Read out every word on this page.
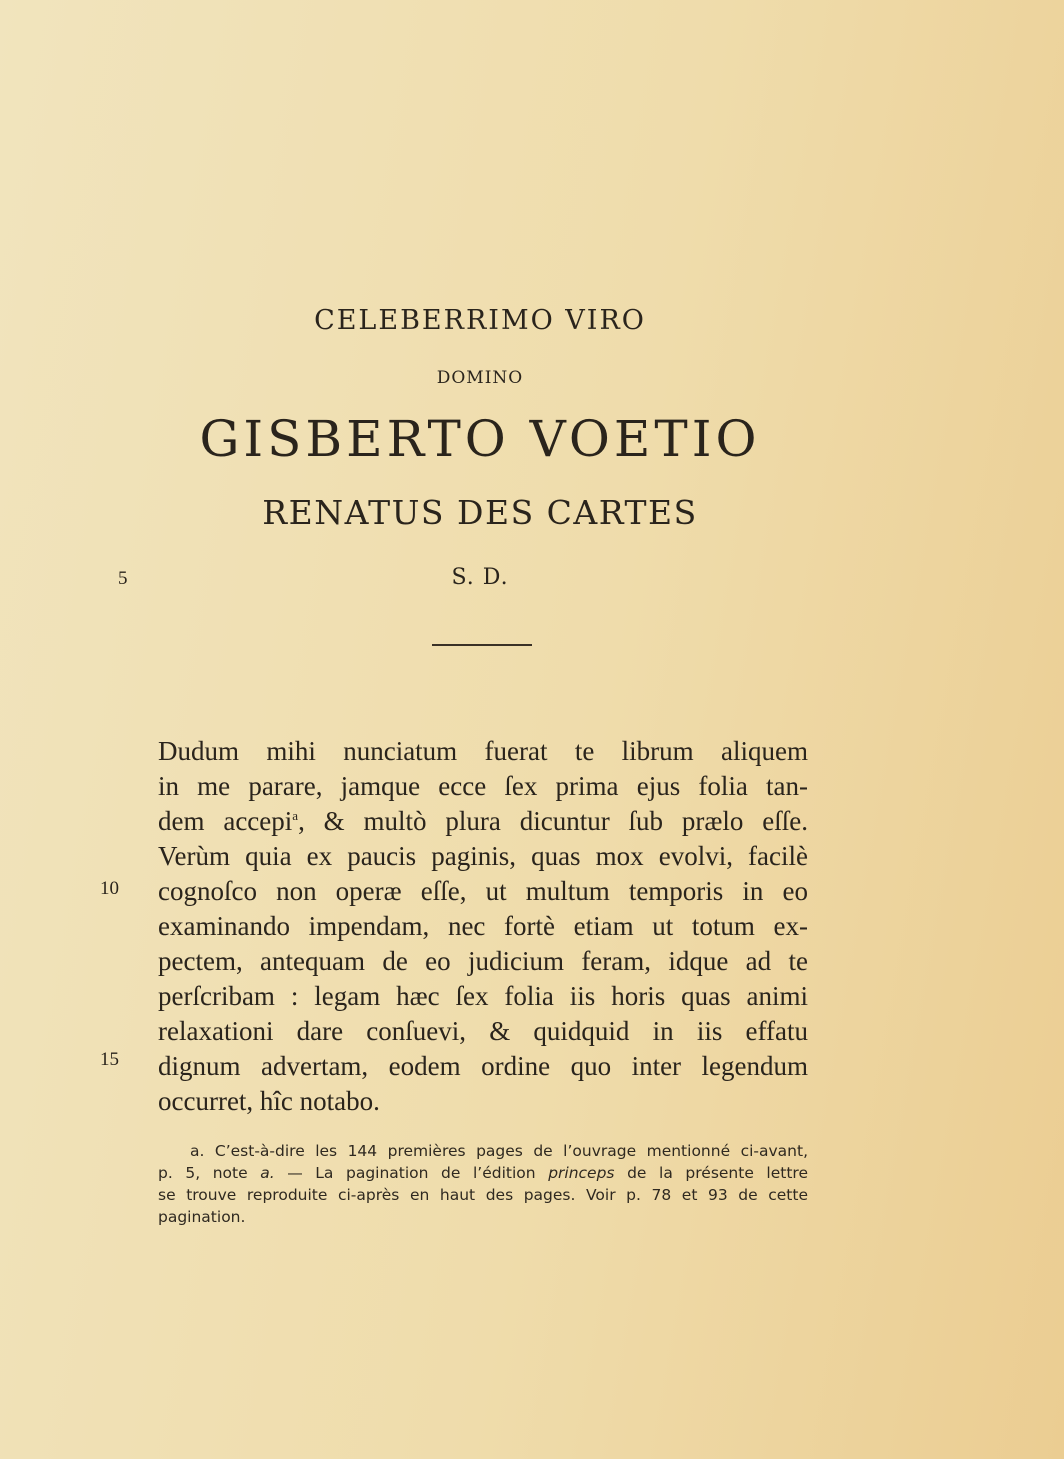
CELEBERRIMO VIRO
DOMINO
GISBERTO VOETIO
RENATUS DES CARTES
S. D.
5
10
15
Dudum mihi nunciatum fuerat te librum aliquem
in me parare, jamque ecce ſex prima ejus folia tan-
dem accepi$^a$, & multò plura dicuntur ſub prælo eſſe.
Verùm quia ex paucis paginis, quas mox evolvi, facilè
cognoſco non operæ eſſe, ut multum temporis in eo
examinando impendam, nec fortè etiam ut totum ex-
pectem, antequam de eo judicium feram, idque ad te
perſcribam : legam hæc ſex folia iis horis quas animi
relaxationi dare conſuevi, & quidquid in iis effatu
dignum advertam, eodem ordine quo inter legendum
occurret, hîc notabo.
a. C’est-à-dire les 144 premières pages de l’ouvrage mentionné ci-avant,
p. 5, note a. — La pagination de l’édition princeps de la présente lettre
se trouve reproduite ci-après en haut des pages. Voir p. 78 et 93 de cette
pagination.
